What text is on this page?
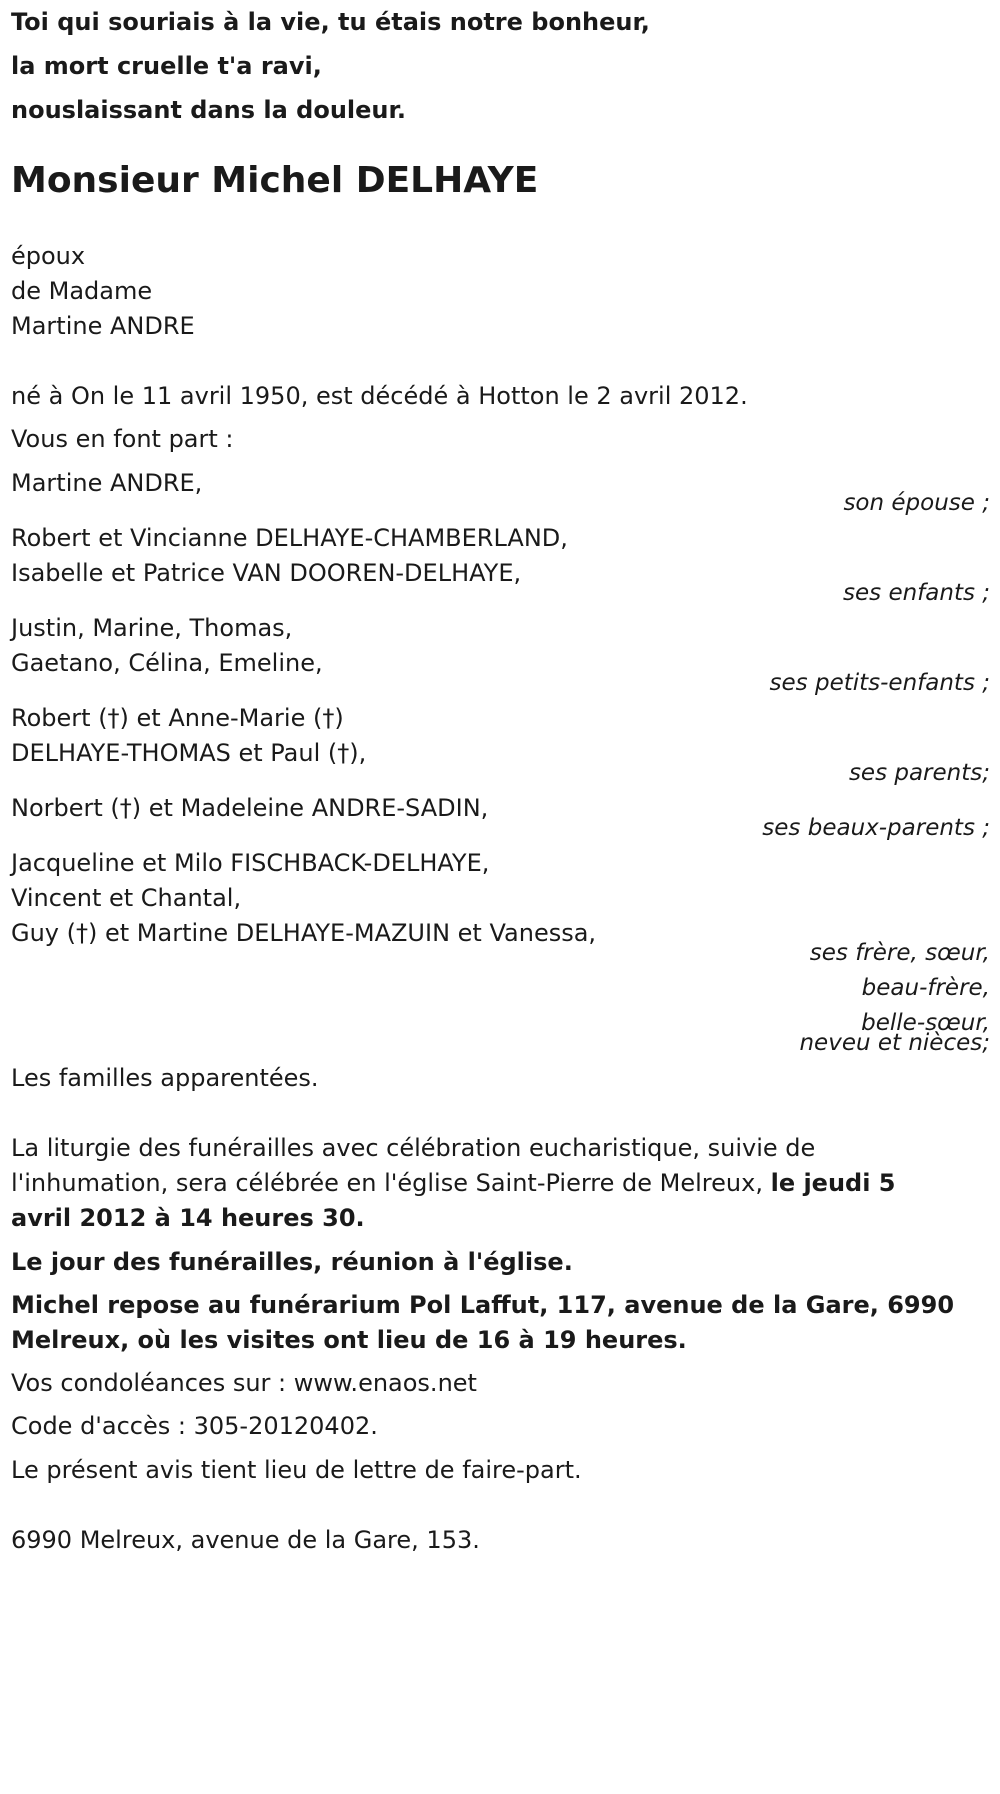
Toi qui souriais à la vie, tu étais notre bonheur,
la mort cruelle t'a ravi,
nouslaissant dans la douleur.
Monsieur Michel DELHAYE
époux
de Madame
Martine ANDRE
né à On le 11 avril 1950, est décédé à Hotton le 2 avril 2012.
Vous en font part :
Martine ANDRE,
son épouse ;
Robert et Vincianne DELHAYE-CHAMBERLAND,
Isabelle et Patrice VAN DOOREN-DELHAYE,
ses enfants ;
Justin, Marine, Thomas,
Gaetano, Célina, Emeline,
ses petits-enfants ;
Robert (†) et Anne-Marie (†)
DELHAYE-THOMAS et Paul (†),
ses parents;
Norbert (†) et Madeleine ANDRE-SADIN,
ses beaux-parents ;
Jacqueline et Milo FISCHBACK-DELHAYE,
Vincent et Chantal,
Guy (†) et Martine DELHAYE-MAZUIN et Vanessa,
ses frère, sœur,
beau-frère,
belle-sœur,
neveu et nièces;
Les familles apparentées.
La liturgie des funérailles avec célébration eucharistique, suivie de
l'inhumation, sera célébrée en l'église Saint-Pierre de Melreux, le jeudi 5
avril 2012 à 14 heures 30.
Le jour des funérailles, réunion à l'église.
Michel repose au funérarium Pol Laffut, 117, avenue de la Gare, 6990
Melreux, où les visites ont lieu de 16 à 19 heures.
Vos condoléances sur : www.enaos.net
Code d'accès : 305-20120402.
Le présent avis tient lieu de lettre de faire-part.
6990 Melreux, avenue de la Gare, 153.
